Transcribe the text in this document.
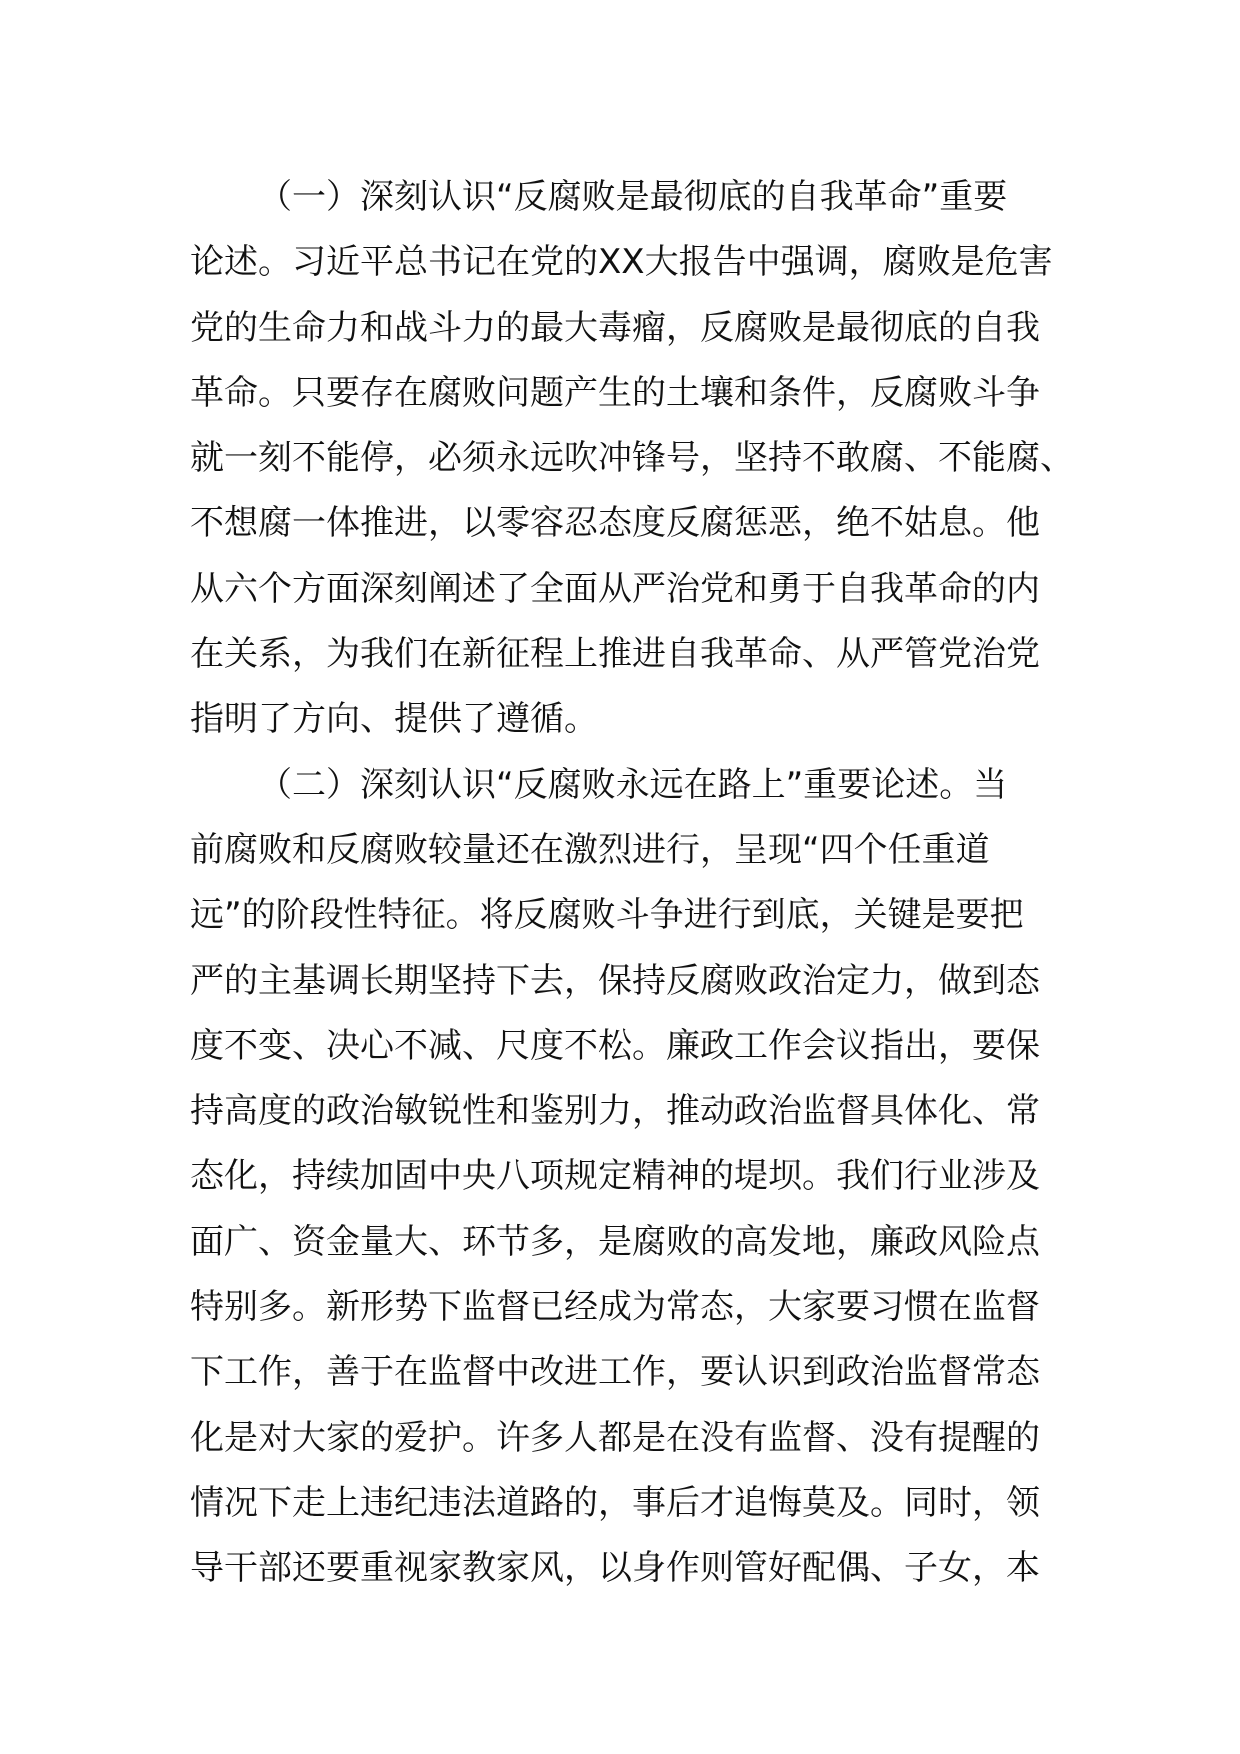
（一）深刻认识“反腐败是最彻底的自我革命”重要
论述。习近平总书记在党的XX大报告中强调，腐败是危害
党的生命力和战斗力的最大毒瘤，反腐败是最彻底的自我
革命。只要存在腐败问题产生的土壤和条件，反腐败斗争
就一刻不能停，必须永远吹冲锋号，坚持不敢腐、不能腐、
不想腐一体推进，以零容忍态度反腐惩恶，绝不姑息。他
从六个方面深刻阐述了全面从严治党和勇于自我革命的内
在关系，为我们在新征程上推进自我革命、从严管党治党
指明了方向、提供了遵循。
（二）深刻认识“反腐败永远在路上”重要论述。当
前腐败和反腐败较量还在激烈进行，呈现“四个任重道
远”的阶段性特征。将反腐败斗争进行到底，关键是要把
严的主基调长期坚持下去，保持反腐败政治定力，做到态
度不变、决心不减、尺度不松。廉政工作会议指出，要保
持高度的政治敏锐性和鉴别力，推动政治监督具体化、常
态化，持续加固中央八项规定精神的堤坝。我们行业涉及
面广、资金量大、环节多，是腐败的高发地，廉政风险点
特别多。新形势下监督已经成为常态，大家要习惯在监督
下工作，善于在监督中改进工作，要认识到政治监督常态
化是对大家的爱护。许多人都是在没有监督、没有提醒的
情况下走上违纪违法道路的，事后才追悔莫及。同时，领
导干部还要重视家教家风，以身作则管好配偶、子女，本
